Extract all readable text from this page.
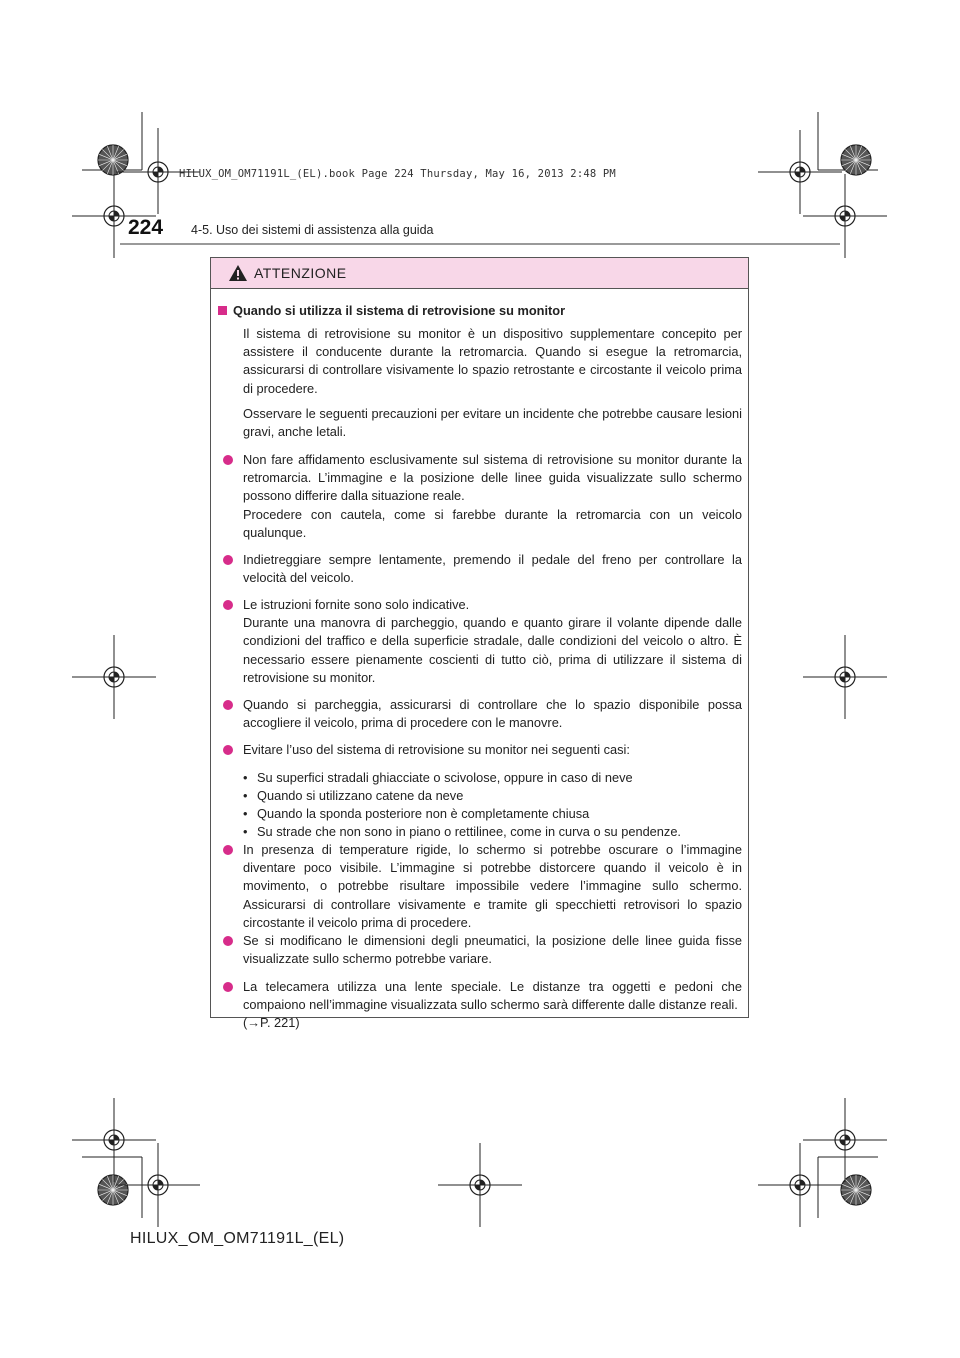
HILUX_OM_OM71191L_(EL).book Page 224 Thursday, May 16, 2013 2:48 PM
224 4-5. Uso dei sistemi di assistenza alla guida
ATTENZIONE
Quando si utilizza il sistema di retrovisione su monitor
Il sistema di retrovisione su monitor è un dispositivo supplementare concepito per assistere il conducente durante la retromarcia. Quando si esegue la retromarcia, assicurarsi di controllare visivamente lo spazio retrostante e circostante il veicolo prima di procedere.
Osservare le seguenti precauzioni per evitare un incidente che potrebbe causare lesioni gravi, anche letali.
Non fare affidamento esclusivamente sul sistema di retrovisione su monitor durante la retromarcia. L’immagine e la posizione delle linee guida visualizzate sullo schermo possono differire dalla situazione reale.
Procedere con cautela, come si farebbe durante la retromarcia con un veicolo qualunque.
Indietreggiare sempre lentamente, premendo il pedale del freno per controllare la velocità del veicolo.
Le istruzioni fornite sono solo indicative.
Durante una manovra di parcheggio, quando e quanto girare il volante dipende dalle condizioni del traffico e della superficie stradale, dalle condizioni del veicolo o altro. È necessario essere pienamente coscienti di tutto ciò, prima di utilizzare il sistema di retrovisione su monitor.
Quando si parcheggia, assicurarsi di controllare che lo spazio disponibile possa accogliere il veicolo, prima di procedere con le manovre.
Evitare l’uso del sistema di retrovisione su monitor nei seguenti casi:
• Su superfici stradali ghiacciate o scivolose, oppure in caso di neve
• Quando si utilizzano catene da neve
• Quando la sponda posteriore non è completamente chiusa
• Su strade che non sono in piano o rettilinee, come in curva o su pendenze.
In presenza di temperature rigide, lo schermo si potrebbe oscurare o l’immagine diventare poco visibile. L’immagine si potrebbe distorcere quando il veicolo è in movimento, o potrebbe risultare impossibile vedere l’immagine sullo schermo. Assicurarsi di controllare visivamente e tramite gli specchietti retrovisori lo spazio circostante il veicolo prima di procedere.
Se si modificano le dimensioni degli pneumatici, la posizione delle linee guida fisse visualizzate sullo schermo potrebbe variare.
La telecamera utilizza una lente speciale. Le distanze tra oggetti e pedoni che compaiono nell’immagine visualizzata sullo schermo sarà differente dalle distanze reali.
(→P. 221)
HILUX_OM_OM71191L_(EL)
